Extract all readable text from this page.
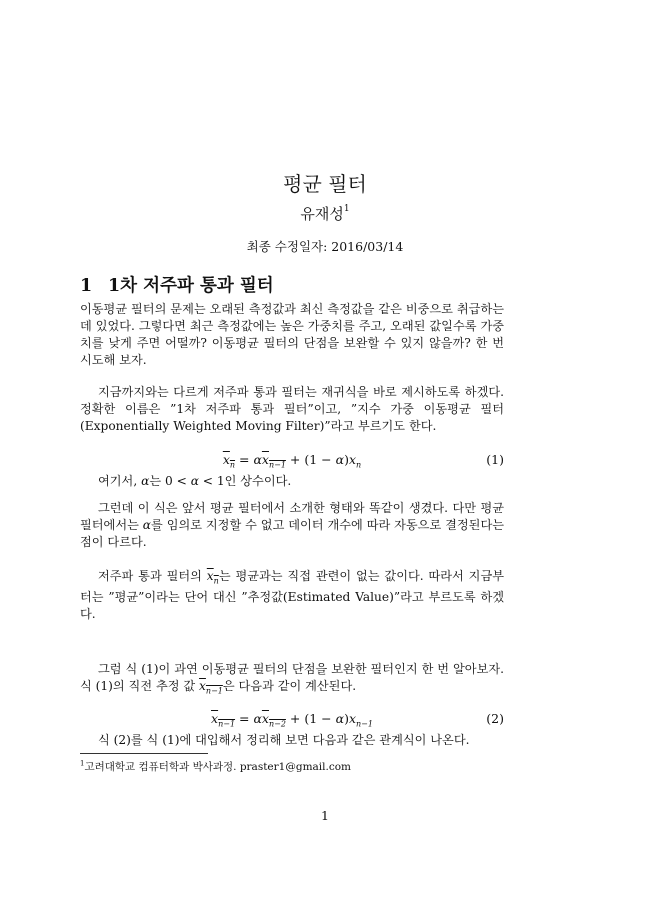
평균 필터
유재성$^1$
최종 수정일자: 2016/03/14
1 1차 저주파 통과 필터
이동평균 필터의 문제는 오래된 측정값과 최신 측정값을 같은 비중으로 취급하는 데 있었다. 그렇다면 최근 측정값에는 높은 가중치를 주고, 오래된 값일수록 가중치를 낮게 주면 어떨까? 이동평균 필터의 단점을 보완할 수 있지 않을까? 한 번 시도해 보자.
지금까지와는 다르게 저주파 통과 필터는 재귀식을 바로 제시하도록 하겠다. 정확한 이름은 ”1차 저주파 통과 필터”이고, ”지수 가중 이동평균 필터(Exponentially Weighted Moving Filter)”라고 부르기도 한다.
$x_n = \alpha x_{n-1} + (1 - \alpha)x_n$	(1)
여기서, α는 0 < α < 1인 상수이다.
그런데 이 식은 앞서 평균 필터에서 소개한 형태와 똑같이 생겼다. 다만 평균 필터에서는 α를 임의로 지정할 수 없고 데이터 개수에 따라 자동으로 결정된다는 점이 다르다.
저주파 통과 필터의 $x_n$는 평균과는 직접 관련이 없는 값이다. 따라서 지금부터는 ”평균”이라는 단어 대신 ”추정값(Estimated Value)”라고 부르도록 하겠다.
그럼 식 (1)이 과연 이동평균 필터의 단점을 보완한 필터인지 한 번 알아보자. 식 (1)의 직전 추정 값 $x_{n-1}$은 다음과 같이 계산된다.
$x_{n-1} = \alpha x_{n-2} + (1 - \alpha)x_{n-1}$	(2)
식 (2)를 식 (1)에 대입해서 정리해 보면 다음과 같은 관계식이 나온다.
$^1$고려대학교 컴퓨터학과 박사과정. praster1@gmail.com
1
